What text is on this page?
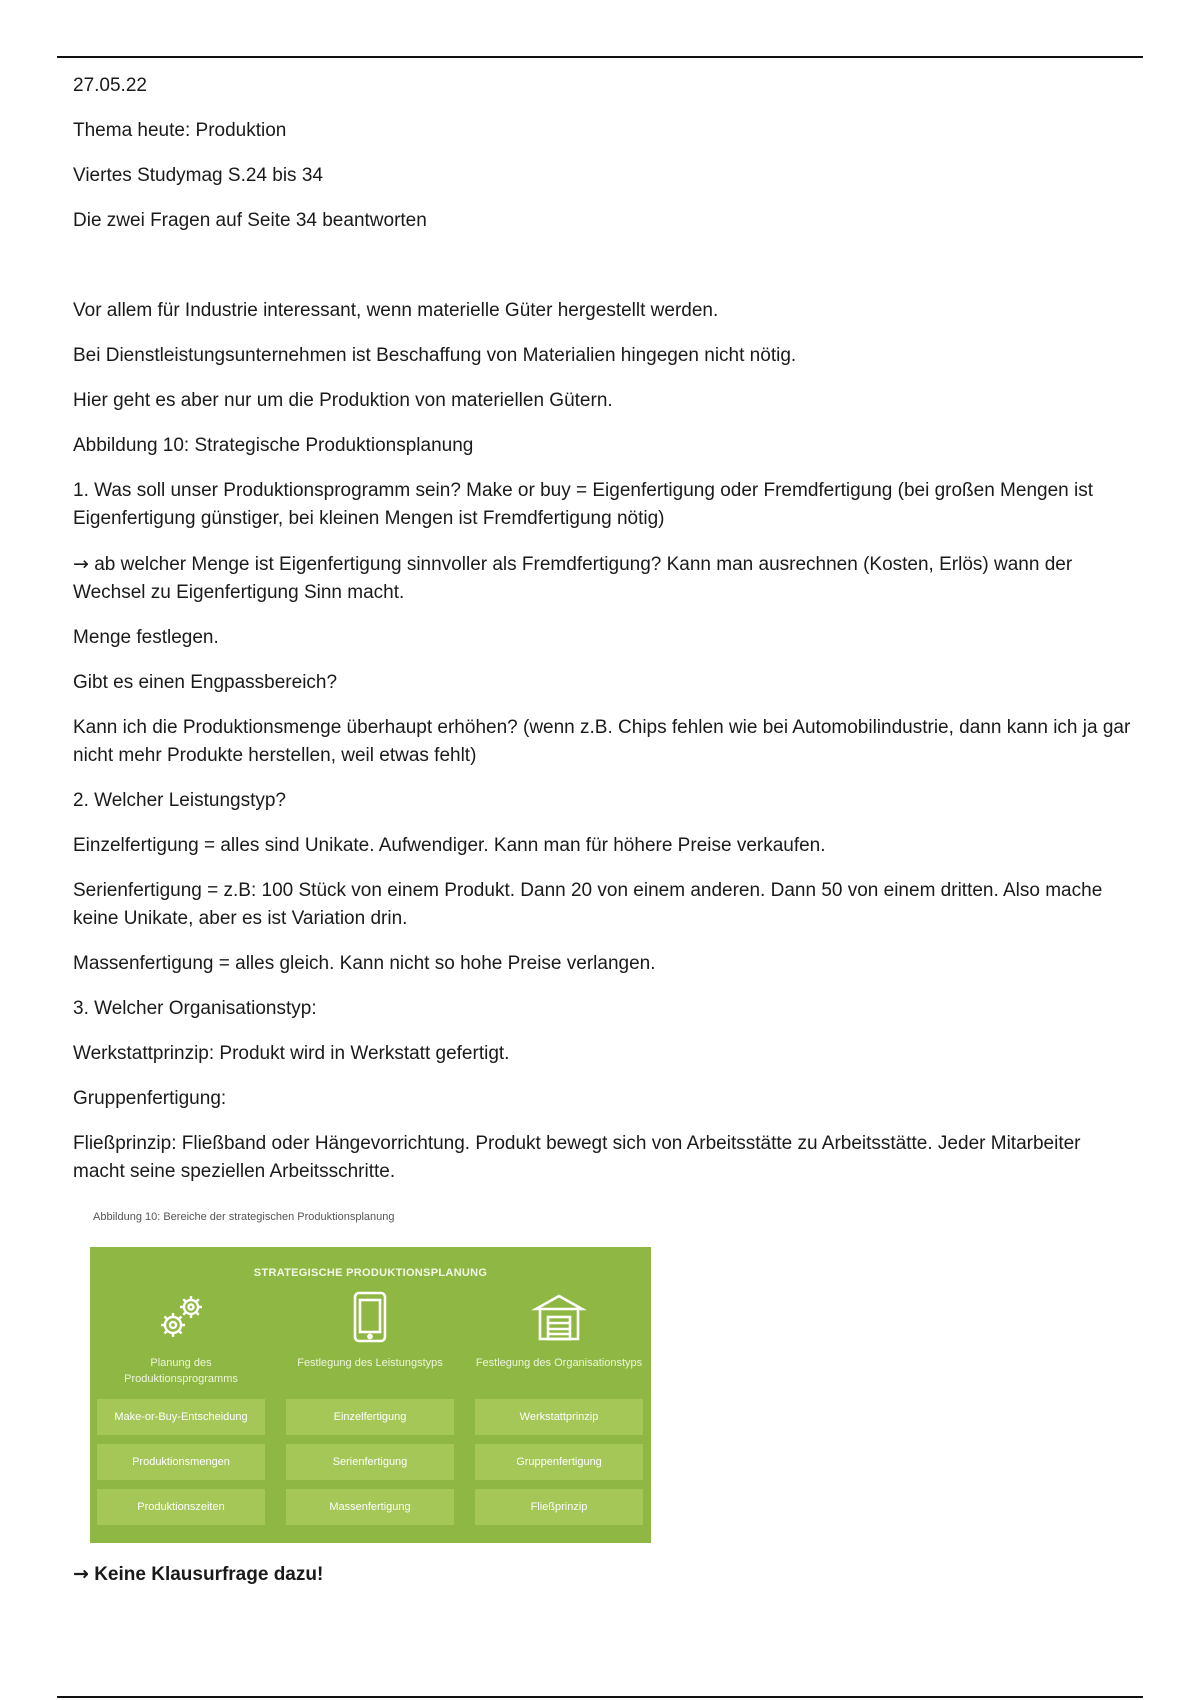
27.05.22

Thema heute: Produktion

Viertes Studymag S.24 bis 34

Die zwei Fragen auf Seite 34 beantworten

Vor allem für Industrie interessant, wenn materielle Güter hergestellt werden.

Bei Dienstleistungsunternehmen ist Beschaffung von Materialien hingegen nicht nötig.

Hier geht es aber nur um die Produktion von materiellen Gütern.

Abbildung 10: Strategische Produktionsplanung

1. Was soll unser Produktionsprogramm sein? Make or buy = Eigenfertigung oder Fremdfertigung (bei großen Mengen ist Eigenfertigung günstiger, bei kleinen Mengen ist Fremdfertigung nötig)

→ ab welcher Menge ist Eigenfertigung sinnvoller als Fremdfertigung? Kann man ausrechnen (Kosten, Erlös) wann der Wechsel zu Eigenfertigung Sinn macht.

Menge festlegen.

Gibt es einen Engpassbereich?

Kann ich die Produktionsmenge überhaupt erhöhen? (wenn z.B. Chips fehlen wie bei Automobilindustrie, dann kann ich ja gar nicht mehr Produkte herstellen, weil etwas fehlt)

2. Welcher Leistungstyp?

Einzelfertigung = alles sind Unikate. Aufwendiger. Kann man für höhere Preise verkaufen.

Serienfertigung = z.B: 100 Stück von einem Produkt. Dann 20 von einem anderen. Dann 50 von einem dritten. Also mache keine Unikate, aber es ist Variation drin.

Massenfertigung = alles gleich. Kann nicht so hohe Preise verlangen.

3. Welcher Organisationstyp:

Werkstattprinzip: Produkt wird in Werkstatt gefertigt.

Gruppenfertigung:

Fließprinzip: Fließband oder Hängevorrichtung. Produkt bewegt sich von Arbeitsstätte zu Arbeitsstätte. Jeder Mitarbeiter macht seine speziellen Arbeitsschritte.

Abbildung 10: Bereiche der strategischen Produktionsplanung
STRATEGISCHE PRODUKTIONSPLANUNG
Planung des Produktionsprogramms
Make-or-Buy-Entscheidung
Produktionsmengen
Produktionszeiten
Festlegung des Leistungstyps
Einzelfertigung
Serienfertigung
Massenfertigung
Festlegung des Organisationstyps
Werkstattprinzip
Gruppenfertigung
Fließprinzip

→ Keine Klausurfrage dazu!
